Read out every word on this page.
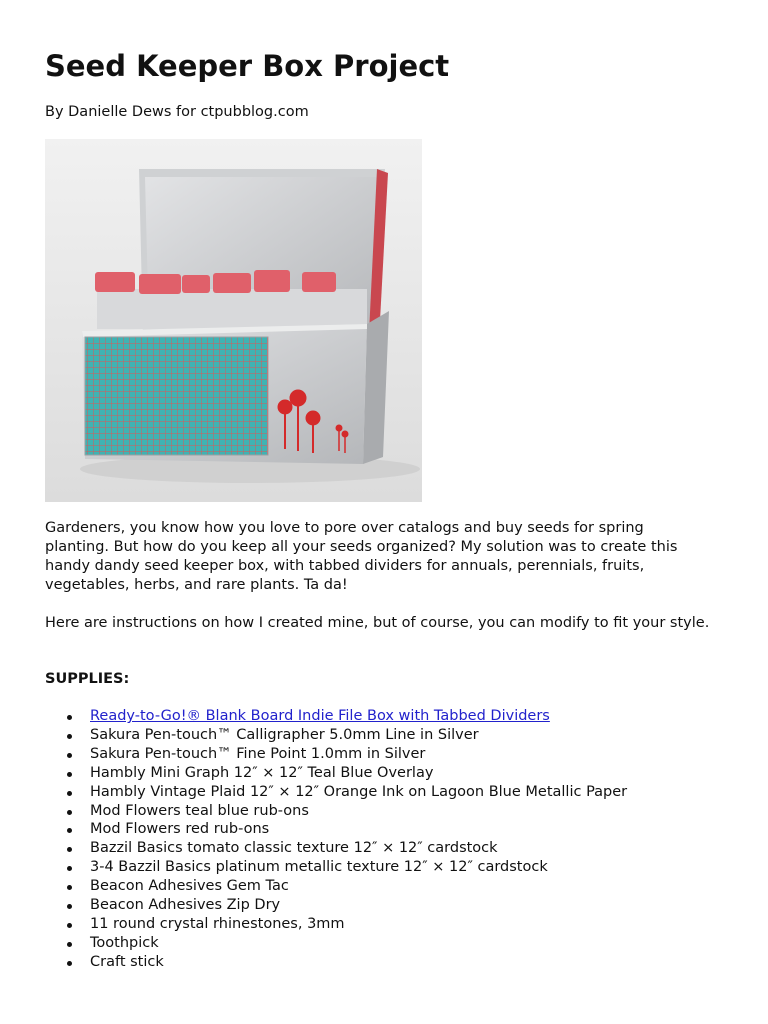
Seed Keeper Box Project
By Danielle Dews for ctpubblog.com

Gardeners, you know how you love to pore over catalogs and buy seeds for spring planting. But how do you keep all your seeds organized? My solution was to create this handy dandy seed keeper box, with tabbed dividers for annuals, perennials, fruits, vegetables, herbs, and rare plants. Ta da!

Here are instructions on how I created mine, but of course, you can modify to fit your style.

SUPPLIES:
Ready-to-Go!® Blank Board Indie File Box with Tabbed Dividers
Sakura Pen-touch™ Calligrapher 5.0mm Line in Silver
Sakura Pen-touch™ Fine Point 1.0mm in Silver
Hambly Mini Graph 12″ × 12″ Teal Blue Overlay
Hambly Vintage Plaid 12″ × 12″ Orange Ink on Lagoon Blue Metallic Paper
Mod Flowers teal blue rub-ons
Mod Flowers red rub-ons
Bazzil Basics tomato classic texture 12″ × 12″ cardstock
3-4 Bazzil Basics platinum metallic texture 12″ × 12″ cardstock
Beacon Adhesives Gem Tac
Beacon Adhesives Zip Dry
11 round crystal rhinestones, 3mm
Toothpick
Craft stick
